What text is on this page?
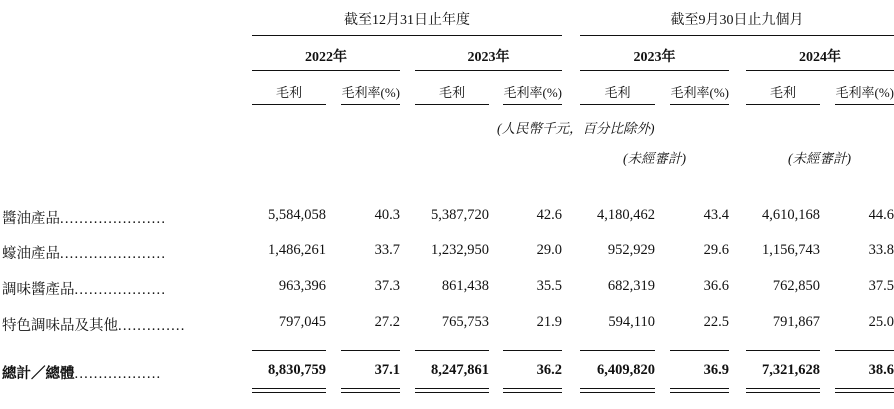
截至12月31日止年度	截至9月30日止九個月
2022年	2023年	2023年	2024年
毛利	毛利率(%)	毛利	毛利率(%)	毛利	毛利率(%)	毛利	毛利率(%)
(人民幣千元，百分比除外)
(未經審計)	(未經審計)
醬油產品......................	5,584,058	40.3	5,387,720	42.6	4,180,462	43.4	4,610,168	44.6
蠔油產品......................	1,486,261	33.7	1,232,950	29.0	952,929	29.6	1,156,743	33.8
調味醬產品...................	963,396	37.3	861,438	35.5	682,319	36.6	762,850	37.5
特色調味品及其他..............	797,045	27.2	765,753	21.9	594,110	22.5	791,867	25.0
總計／總體..................	8,830,759	37.1	8,247,861	36.2	6,409,820	36.9	7,321,628	38.6
